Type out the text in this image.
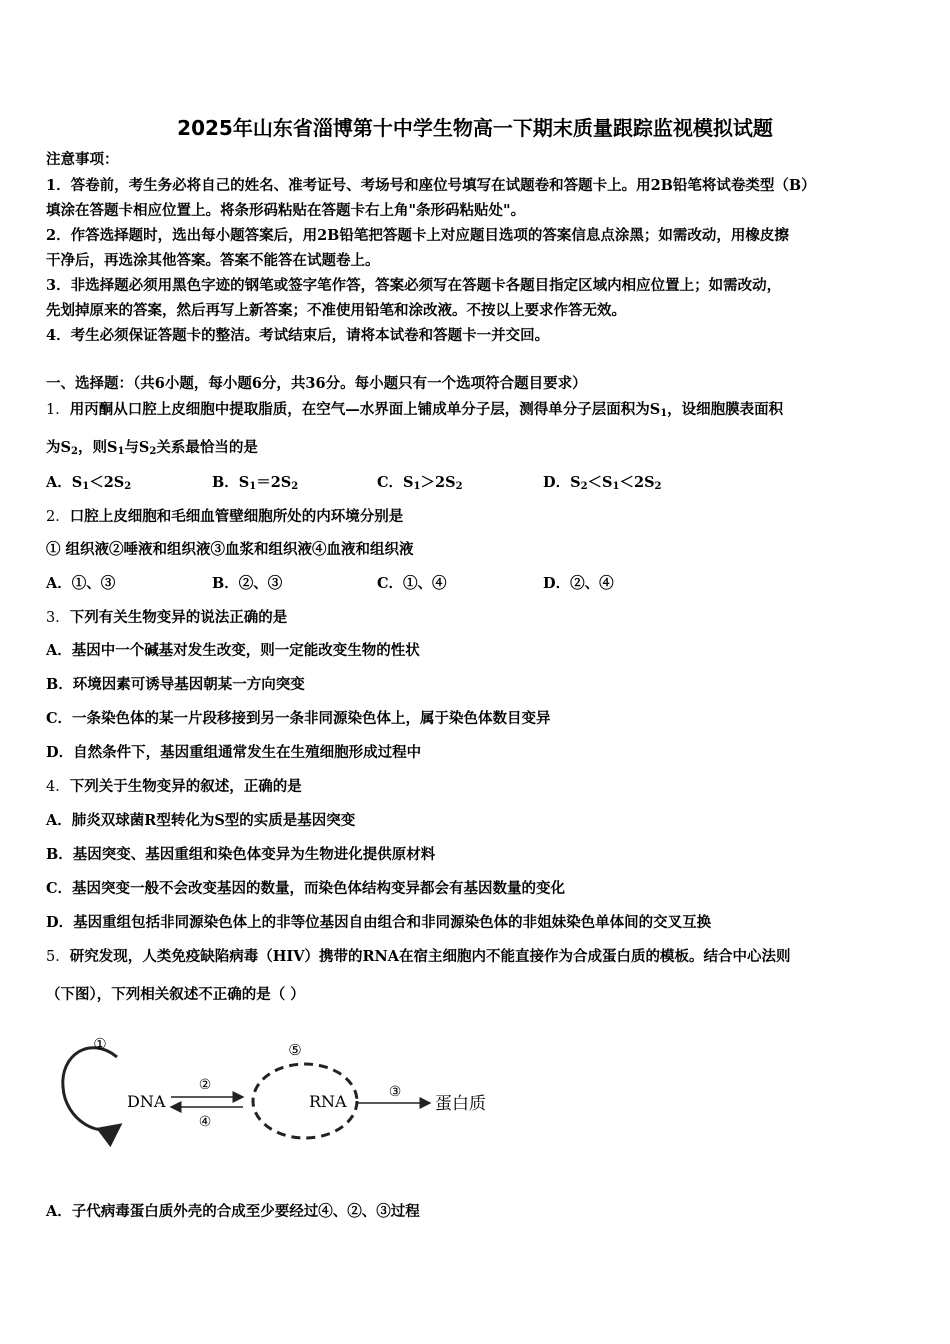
2025年山东省淄博第十中学生物高一下期末质量跟踪监视模拟试题
注意事项：
1．答卷前，考生务必将自己的姓名、准考证号、考场号和座位号填写在试题卷和答题卡上。用2B铅笔将试卷类型（B）
填涂在答题卡相应位置上。将条形码粘贴在答题卡右上角"条形码粘贴处"。
2．作答选择题时，选出每小题答案后，用2B铅笔把答题卡上对应题目选项的答案信息点涂黑；如需改动，用橡皮擦
干净后，再选涂其他答案。答案不能答在试题卷上。
3．非选择题必须用黑色字迹的钢笔或签字笔作答，答案必须写在答题卡各题目指定区域内相应位置上；如需改动，
先划掉原来的答案，然后再写上新答案；不准使用铅笔和涂改液。不按以上要求作答无效。
4．考生必须保证答题卡的整洁。考试结束后，请将本试卷和答题卡一并交回。
一、选择题：（共6小题，每小题6分，共36分。每小题只有一个选项符合题目要求）
1．用丙酮从口腔上皮细胞中提取脂质，在空气—水界面上铺成单分子层，测得单分子层面积为$S_1$，设细胞膜表面积
为$S_2$，则$S_1$与$S_2$关系最恰当的是
A．$S_1<2S_2$	B．$S_1=2S_2$	C．$S_1>2S_2$	D．$S_2<S_1<2S_2$
2．口腔上皮细胞和毛细血管壁细胞所处的内环境分别是
① 组织液②唾液和组织液③血浆和组织液④血液和组织液
A．①、③	B．②、③	C．①、④	D．②、④
3．下列有关生物变异的说法正确的是
A．基因中一个碱基对发生改变，则一定能改变生物的性状
B．环境因素可诱导基因朝某一方向突变
C．一条染色体的某一片段移接到另一条非同源染色体上，属于染色体数目变异
D．自然条件下，基因重组通常发生在生殖细胞形成过程中
4．下列关于生物变异的叙述，正确的是
A．肺炎双球菌R型转化为S型的实质是基因突变
B．基因突变、基因重组和染色体变异为生物进化提供原材料
C．基因突变一般不会改变基因的数量，而染色体结构变异都会有基因数量的变化
D．基因重组包括非同源染色体上的非等位基因自由组合和非同源染色体的非姐妹染色单体间的交叉互换
5．研究发现，人类免疫缺陷病毒（HIV）携带的RNA在宿主细胞内不能直接作为合成蛋白质的模板。结合中心法则
（下图），下列相关叙述不正确的是（ ）
①
DNA
②
④
⑤
RNA	③
蛋白质
A．子代病毒蛋白质外壳的合成至少要经过④、②、③过程
